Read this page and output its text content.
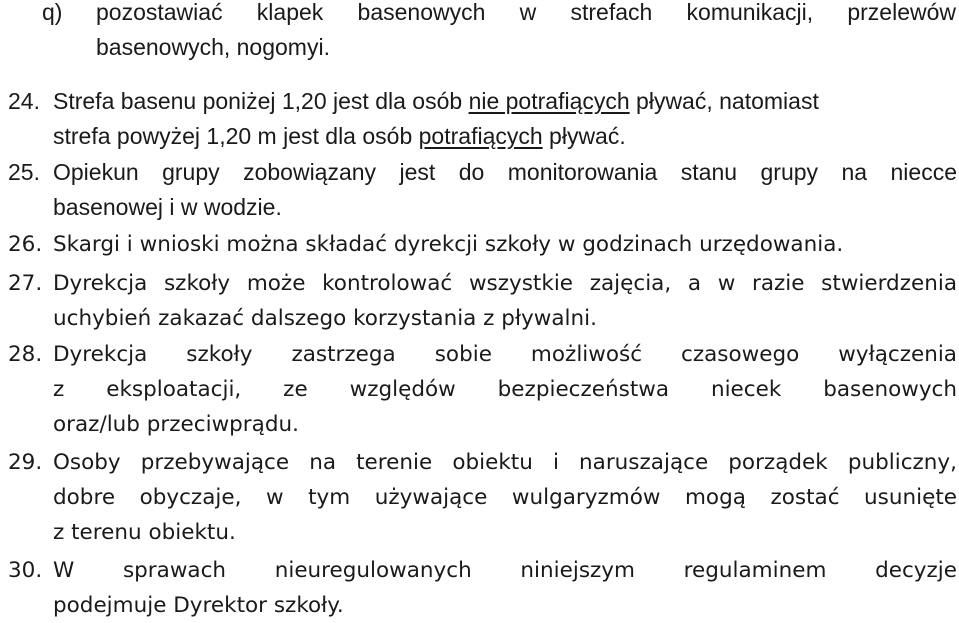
q) pozostawiać klapek basenowych w strefach komunikacji, przelewów
basenowych, nogomyi.
24. Strefa basenu poniżej 1,20 jest dla osób nie potrafiących pływać, natomiast
strefa powyżej 1,20 m jest dla osób potrafiących pływać.
25. Opiekun grupy zobowiązany jest do monitorowania stanu grupy na niecce
basenowej i w wodzie.
26. Skargi i wnioski można składać dyrekcji szkoły w godzinach urzędowania.
27. Dyrekcja szkoły może kontrolować wszystkie zajęcia, a w razie stwierdzenia
uchybień zakazać dalszego korzystania z pływalni.
28. Dyrekcja szkoły zastrzega sobie możliwość czasowego wyłączenia
z eksploatacji, ze względów bezpieczeństwa niecek basenowych
oraz/lub przeciwprądu.
29. Osoby przebywające na terenie obiektu i naruszające porządek publiczny,
dobre obyczaje, w tym używające wulgaryzmów mogą zostać usunięte
z terenu obiektu.
30. W sprawach nieuregulowanych niniejszym regulaminem decyzje
podejmuje Dyrektor szkoły.
